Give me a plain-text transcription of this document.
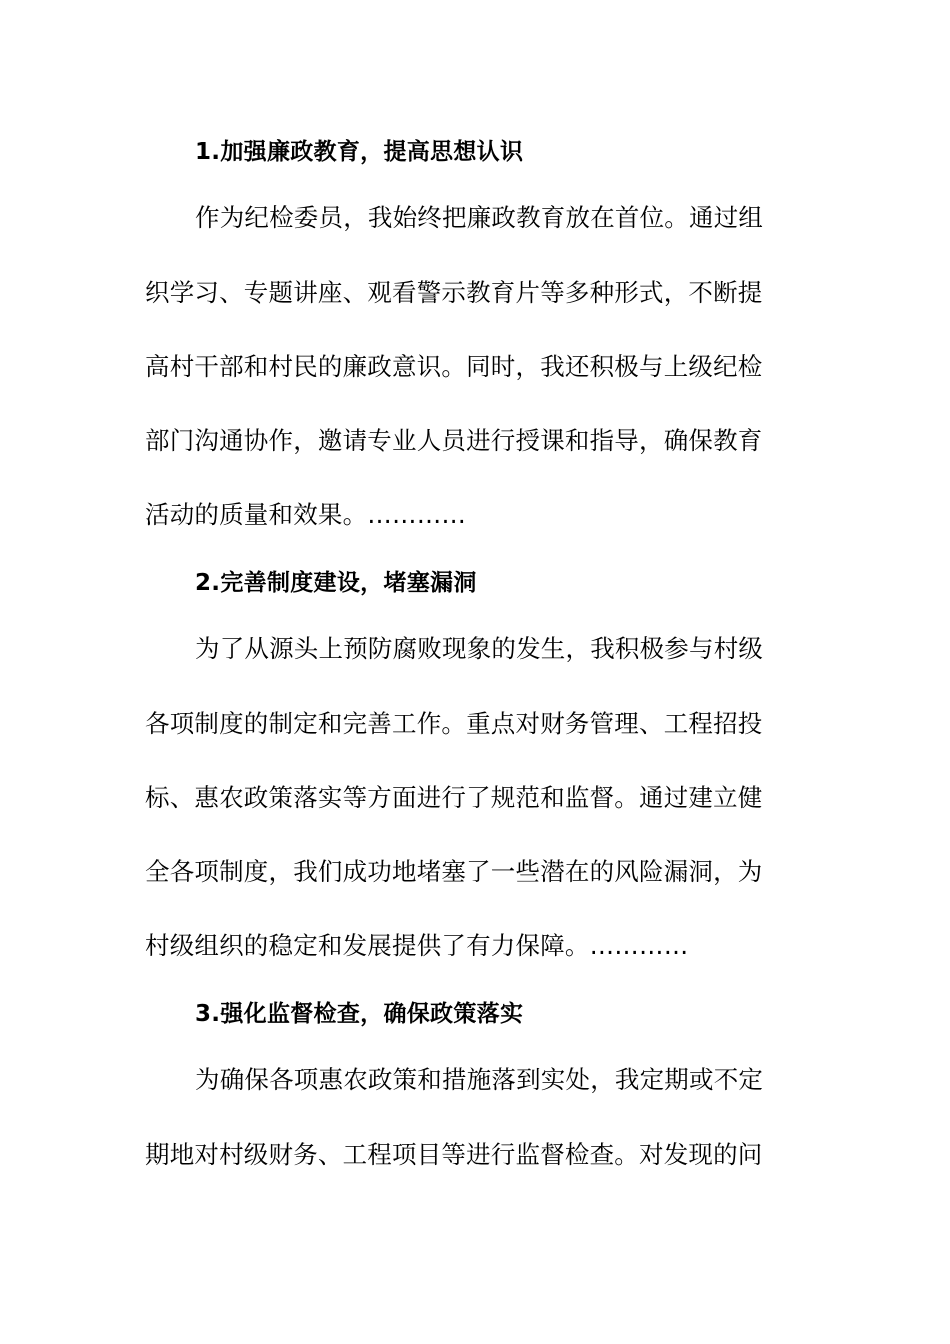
1.加强廉政教育，提高思想认识
作为纪检委员，我始终把廉政教育放在首位。通过组
织学习、专题讲座、观看警示教育片等多种形式，不断提
高村干部和村民的廉政意识。同时，我还积极与上级纪检
部门沟通协作，邀请专业人员进行授课和指导，确保教育
活动的质量和效果。…………
2.完善制度建设，堵塞漏洞
为了从源头上预防腐败现象的发生，我积极参与村级
各项制度的制定和完善工作。重点对财务管理、工程招投
标、惠农政策落实等方面进行了规范和监督。通过建立健
全各项制度，我们成功地堵塞了一些潜在的风险漏洞，为
村级组织的稳定和发展提供了有力保障。…………
3.强化监督检查，确保政策落实
为确保各项惠农政策和措施落到实处，我定期或不定
期地对村级财务、工程项目等进行监督检查。对发现的问
